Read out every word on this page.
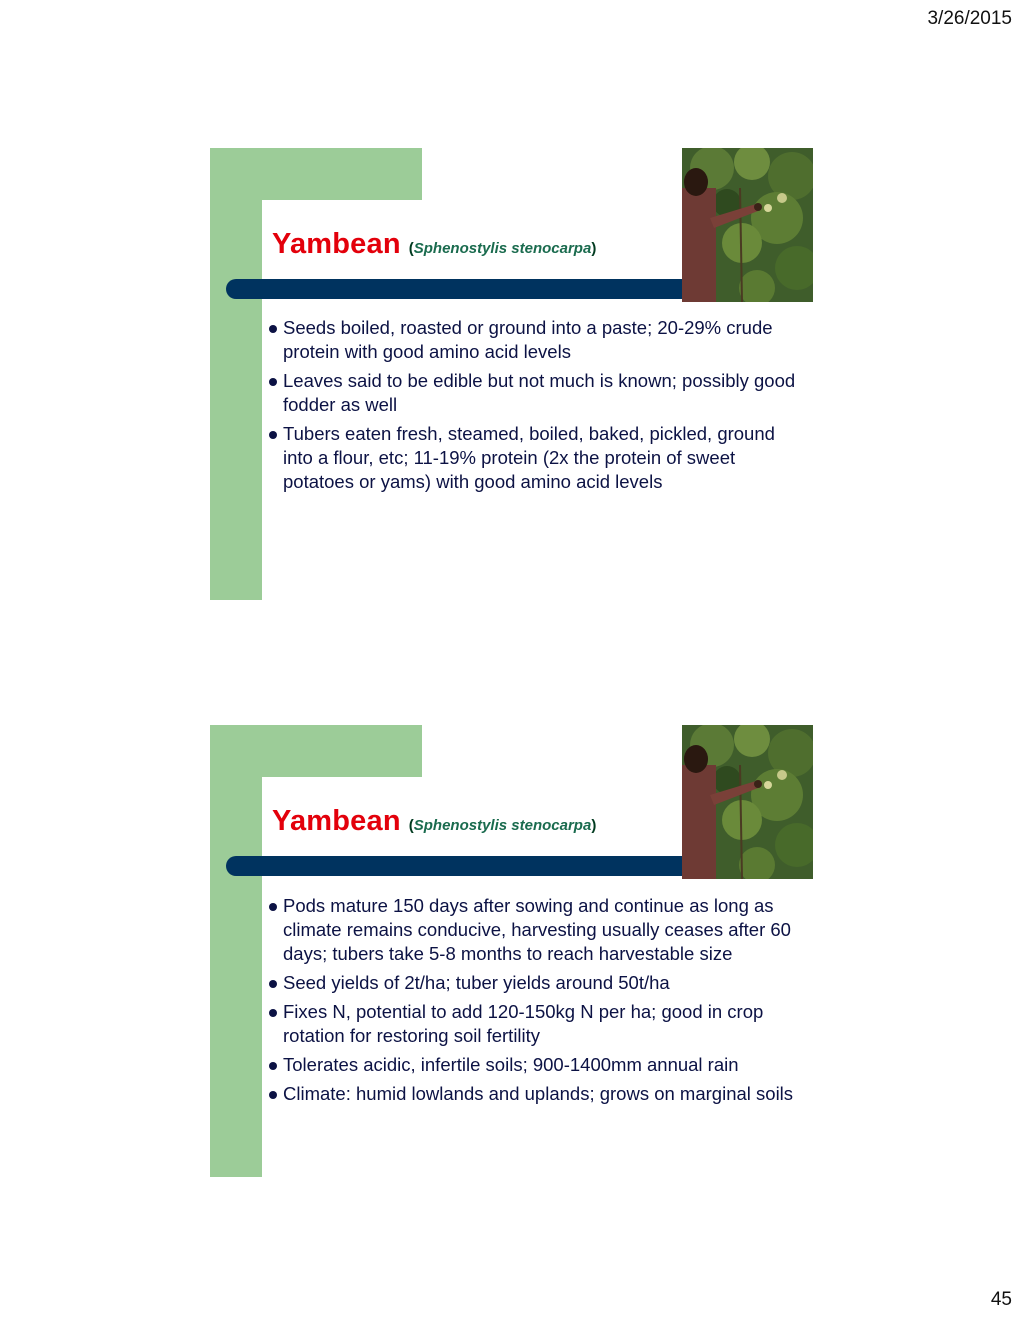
3/26/2015
Yambean (Sphenostylis stenocarpa)
Seeds boiled, roasted or ground into a paste; 20-29% crude protein with good amino acid levels
Leaves said to be edible but not much is known; possibly good fodder as well
Tubers eaten fresh, steamed, boiled, baked, pickled, ground into a flour, etc; 11-19% protein (2x the protein of sweet potatoes or yams) with good amino acid levels
Yambean (Sphenostylis stenocarpa)
Pods mature 150 days after sowing and continue as long as climate remains conducive, harvesting usually ceases after 60 days; tubers take 5-8 months to reach harvestable size
Seed yields of 2t/ha; tuber yields around 50t/ha
Fixes N, potential to add 120-150kg N per ha; good in crop rotation for restoring soil fertility
Tolerates acidic, infertile soils; 900-1400mm annual rain
Climate: humid lowlands and uplands; grows on marginal soils
45
